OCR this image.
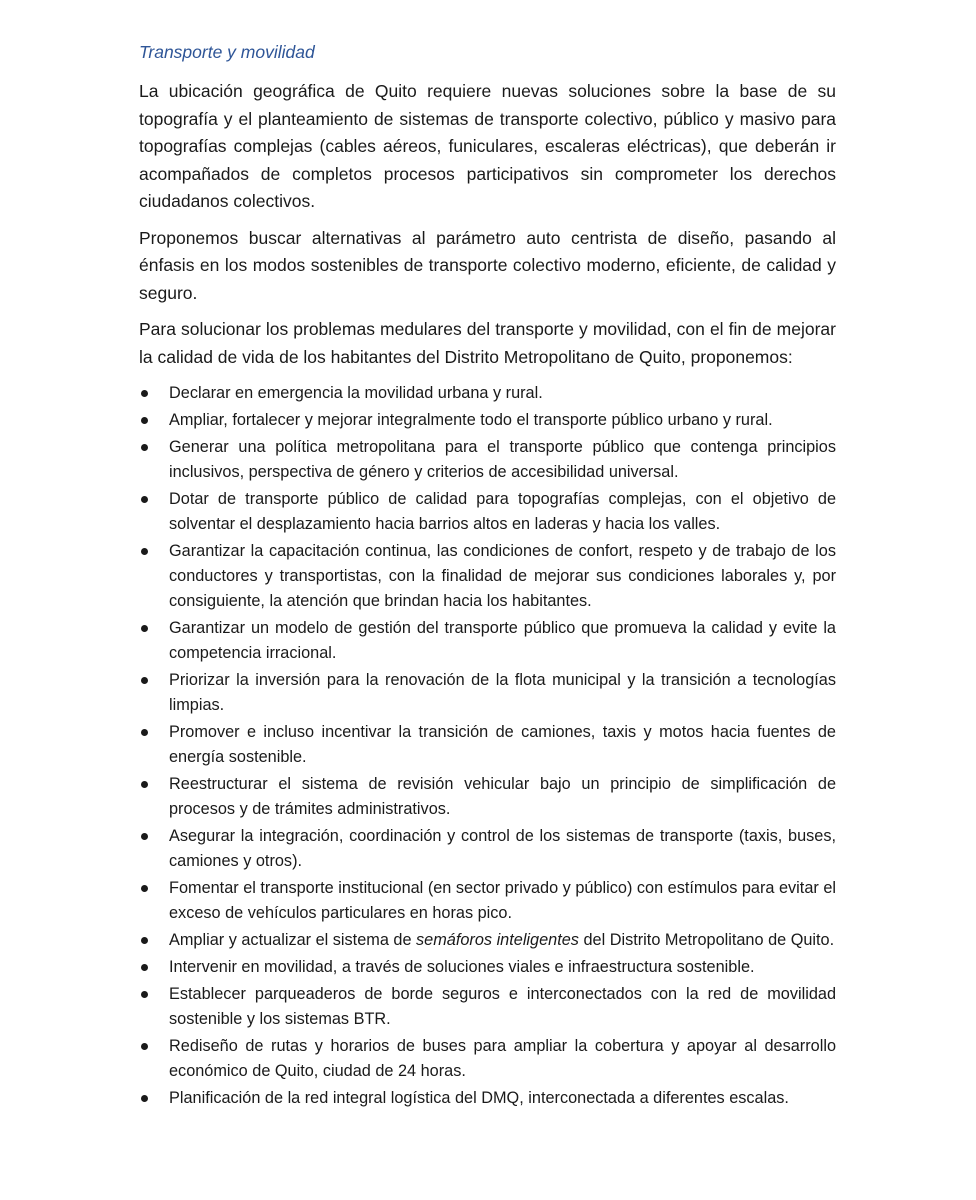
Transporte y movilidad

La ubicación geográfica de Quito requiere nuevas soluciones sobre la base de su topografía y el planteamiento de sistemas de transporte colectivo, público y masivo para topografías complejas (cables aéreos, funiculares, escaleras eléctricas), que deberán ir acompañados de completos procesos participativos sin comprometer los derechos ciudadanos colectivos.

Proponemos buscar alternativas al parámetro auto centrista de diseño, pasando al énfasis en los modos sostenibles de transporte colectivo moderno, eficiente, de calidad y seguro.

Para solucionar los problemas medulares del transporte y movilidad, con el fin de mejorar la calidad de vida de los habitantes del Distrito Metropolitano de Quito, proponemos:

Declarar en emergencia la movilidad urbana y rural.
Ampliar, fortalecer y mejorar integralmente todo el transporte público urbano y rural.
Generar una política metropolitana para el transporte público que contenga principios inclusivos, perspectiva de género y criterios de accesibilidad universal.
Dotar de transporte público de calidad para topografías complejas, con el objetivo de solventar el desplazamiento hacia barrios altos en laderas y hacia los valles.
Garantizar la capacitación continua, las condiciones de confort, respeto y de trabajo de los conductores y transportistas, con la finalidad de mejorar sus condiciones laborales y, por consiguiente, la atención que brindan hacia los habitantes.
Garantizar un modelo de gestión del transporte público que promueva la calidad y evite la competencia irracional.
Priorizar la inversión para la renovación de la flota municipal y la transición a tecnologías limpias.
Promover e incluso incentivar la transición de camiones, taxis y motos hacia fuentes de energía sostenible.
Reestructurar el sistema de revisión vehicular bajo un principio de simplificación de procesos y de trámites administrativos.
Asegurar la integración, coordinación y control de los sistemas de transporte (taxis, buses, camiones y otros).
Fomentar el transporte institucional (en sector privado y público) con estímulos para evitar el exceso de vehículos particulares en horas pico.
Ampliar y actualizar el sistema de semáforos inteligentes del Distrito Metropolitano de Quito.
Intervenir en movilidad, a través de soluciones viales e infraestructura sostenible.
Establecer parqueaderos de borde seguros e interconectados con la red de movilidad sostenible y los sistemas BTR.
Rediseño de rutas y horarios de buses para ampliar la cobertura y apoyar al desarrollo económico de Quito, ciudad de 24 horas.
Planificación de la red integral logística del DMQ, interconectada a diferentes escalas.
